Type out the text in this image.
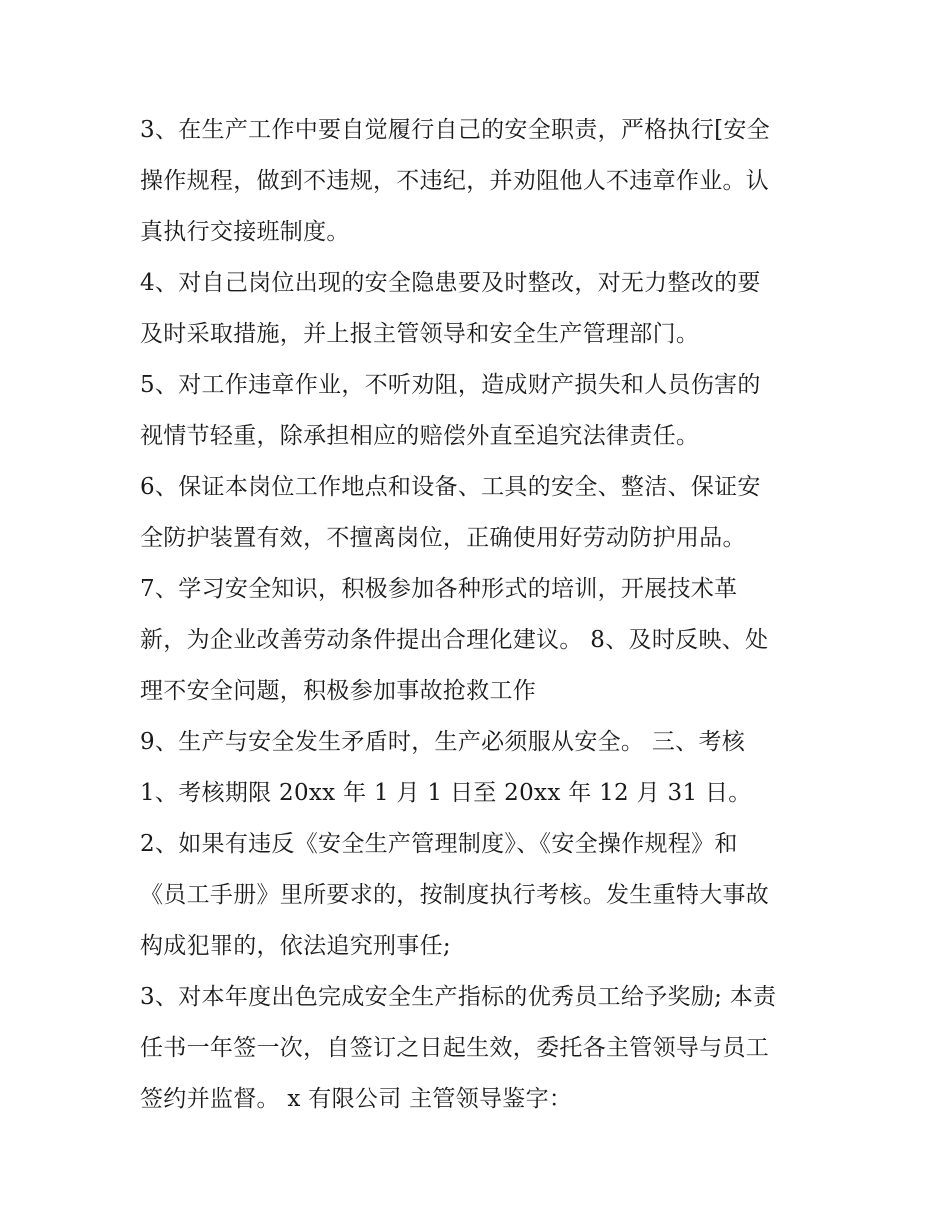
3、在生产工作中要自觉履行自己的安全职责，严格执行[安全
操作规程，做到不违规，不违纪，并劝阻他人不违章作业。认
真执行交接班制度。
4、对自己岗位出现的安全隐患要及时整改，对无力整改的要
及时采取措施，并上报主管领导和安全生产管理部门。
5、对工作违章作业，不听劝阻，造成财产损失和人员伤害的
视情节轻重，除承担相应的赔偿外直至追究法律责任。
6、保证本岗位工作地点和设备、工具的安全、整洁、保证安
全防护装置有效，不擅离岗位，正确使用好劳动防护用品。
7、学习安全知识，积极参加各种形式的培训，开展技术革
新，为企业改善劳动条件提出合理化建议。 8、及时反映、处
理不安全问题，积极参加事故抢救工作
9、生产与安全发生矛盾时，生产必须服从安全。 三、考核
1、考核期限 20xx 年 1 月 1 日至 20xx 年 12 月 31 日。
2、如果有违反《安全生产管理制度》、《安全操作规程》和
《员工手册》里所要求的，按制度执行考核。发生重特大事故
构成犯罪的，依法追究刑事任;
3、对本年度出色完成安全生产指标的优秀员工给予奖励; 本责
任书一年签一次，自签订之日起生效，委托各主管领导与员工
签约并监督。 x 有限公司 主管领导鉴字：
